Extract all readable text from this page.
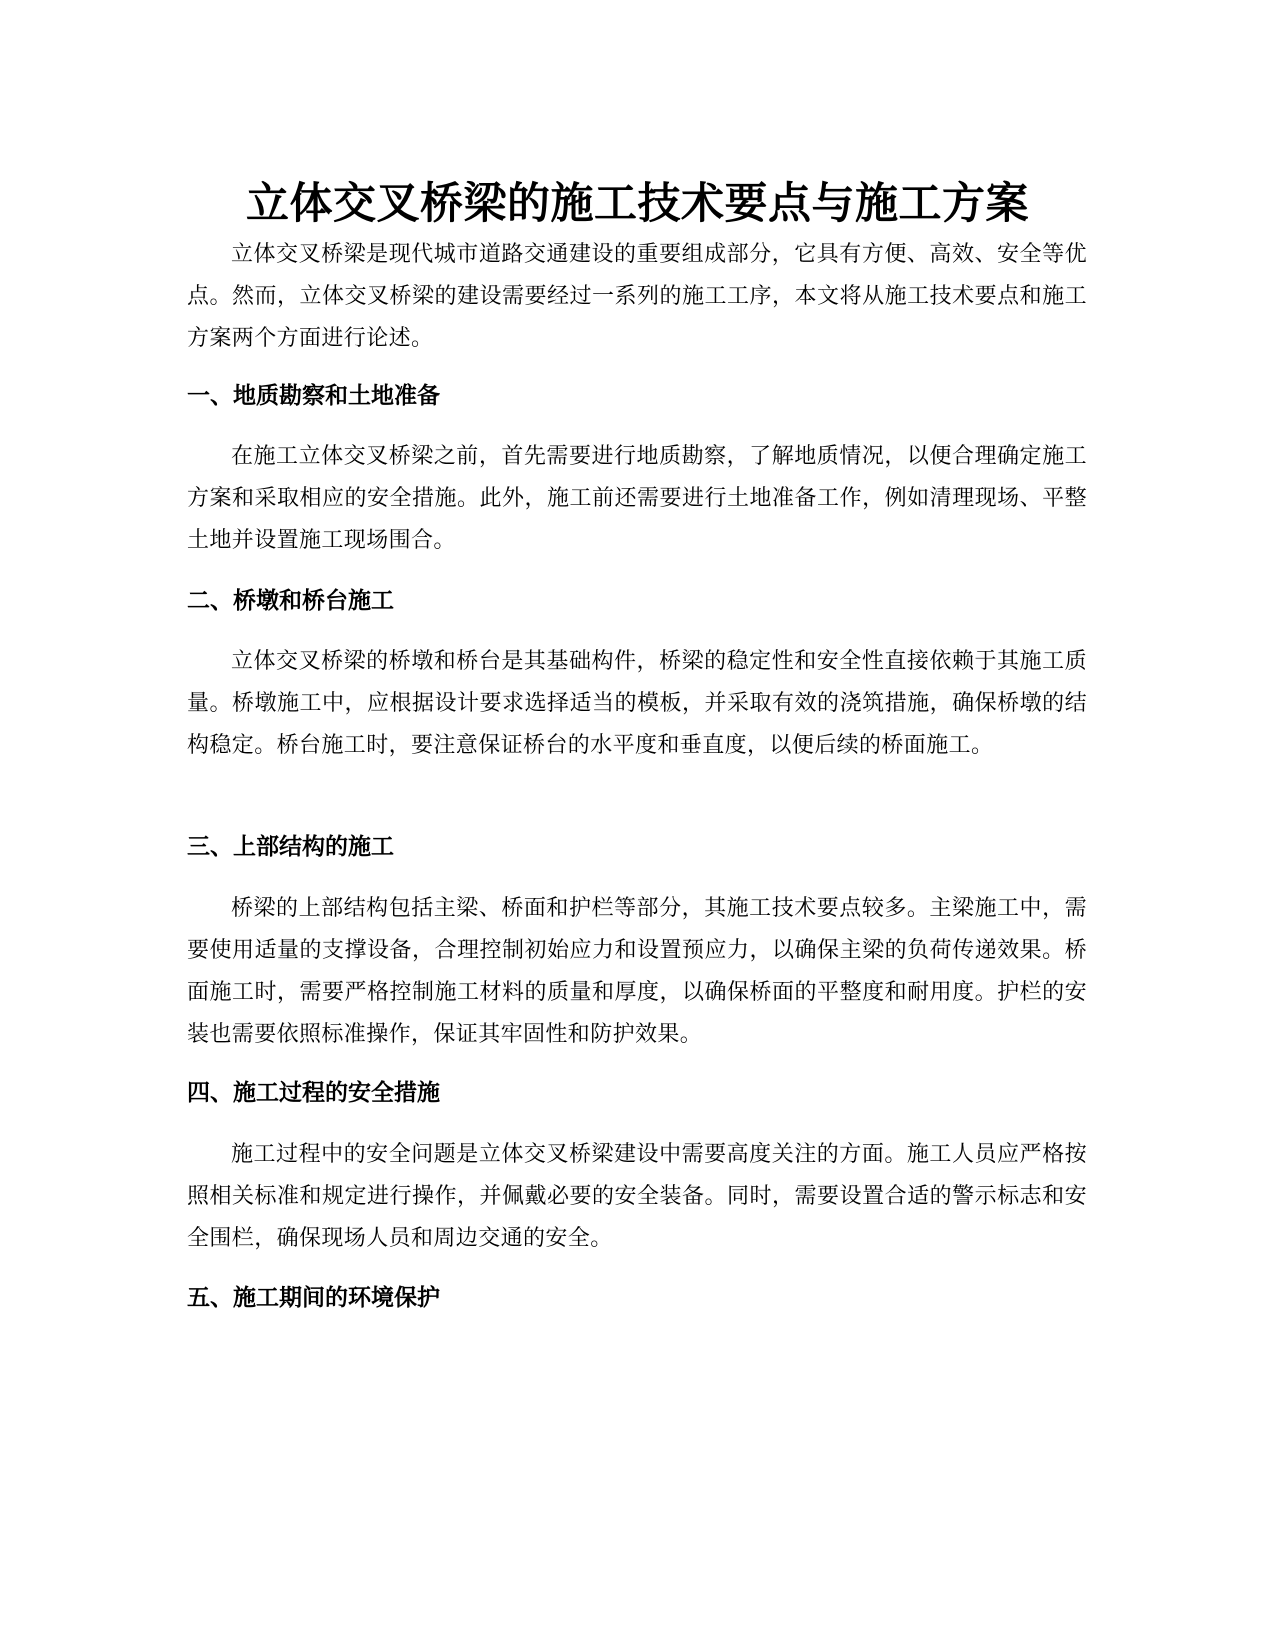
立体交叉桥梁的施工技术要点与施工方案

立体交叉桥梁是现代城市道路交通建设的重要组成部分，它具有方便、高效、安全等优点。然而，立体交叉桥梁的建设需要经过一系列的施工工序，本文将从施工技术要点和施工方案两个方面进行论述。

一、地质勘察和土地准备

在施工立体交叉桥梁之前，首先需要进行地质勘察，了解地质情况，以便合理确定施工方案和采取相应的安全措施。此外，施工前还需要进行土地准备工作，例如清理现场、平整土地并设置施工现场围合。

二、桥墩和桥台施工

立体交叉桥梁的桥墩和桥台是其基础构件，桥梁的稳定性和安全性直接依赖于其施工质量。桥墩施工中，应根据设计要求选择适当的模板，并采取有效的浇筑措施，确保桥墩的结构稳定。桥台施工时，要注意保证桥台的水平度和垂直度，以便后续的桥面施工。

三、上部结构的施工

桥梁的上部结构包括主梁、桥面和护栏等部分，其施工技术要点较多。主梁施工中，需要使用适量的支撑设备，合理控制初始应力和设置预应力，以确保主梁的负荷传递效果。桥面施工时，需要严格控制施工材料的质量和厚度，以确保桥面的平整度和耐用度。护栏的安装也需要依照标准操作，保证其牢固性和防护效果。

四、施工过程的安全措施

施工过程中的安全问题是立体交叉桥梁建设中需要高度关注的方面。施工人员应严格按照相关标准和规定进行操作，并佩戴必要的安全装备。同时，需要设置合适的警示标志和安全围栏，确保现场人员和周边交通的安全。

五、施工期间的环境保护
